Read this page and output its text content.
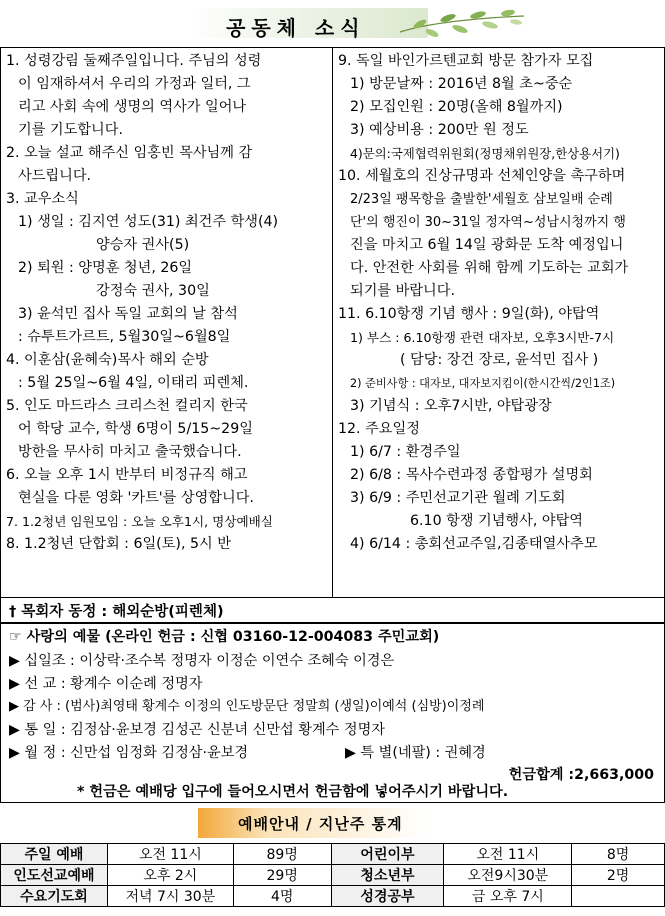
공동체 소식
1. 성령강림 둘째주일입니다. 주님의 성령
이 임재하셔서 우리의 가정과 일터, 그
리고 사회 속에 생명의 역사가 일어나
기를 기도합니다.
2. 오늘 설교 해주신 임홍빈 목사님께 감
사드립니다.
3. 교우소식
1) 생일 : 김지연 성도(31) 최건주 학생(4)
양승자 권사(5)
2) 퇴원 : 양명훈 청년, 26일
강정숙 권사, 30일
3) 윤석민 집사 독일 교회의 날 참석
: 슈투트가르트, 5월30일~6월8일
4. 이훈삼(윤혜숙)목사 해외 순방
: 5월 25일~6월 4일, 이태리 피렌체.
5. 인도 마드라스 크리스천 컬리지 한국
어 학당 교수, 학생 6명이 5/15~29일
방한을 무사히 마치고 출국했습니다.
6. 오늘 오후 1시 반부터 비정규직 해고
현실을 다룬 영화 '카트'를 상영합니다.
7. 1.2청년 임원모임 : 오늘 오후1시, 명상예배실
8. 1.2청년 단합회 : 6일(토), 5시 반
9. 독일 바인가르텐교회 방문 참가자 모집
1) 방문날짜 : 2016년 8월 초~중순
2) 모집인원 : 20명(올해 8월까지)
3) 예상비용 : 200만 원 정도
4)문의:국제협력위원회(정명채위원장,한상용서기)
10. 세월호의 진상규명과 선체인양을 촉구하며
2/23일 팽목항을 출발한'세월호 삼보일배 순례
단'의 행진이 30~31일 정자역~성남시청까지 행
진을 마치고 6월 14일 광화문 도착 예정입니
다. 안전한 사회를 위해 함께 기도하는 교회가
되기를 바랍니다.
11. 6.10항쟁 기념 행사 : 9일(화), 야탑역
1) 부스 : 6.10항쟁 관련 대자보, 오후3시반-7시
( 담당: 장건 장로, 윤석민 집사 )
2) 준비사항 : 대자보, 대자보지킴이(한시간씩/2인1조)
3) 기념식 : 오후7시반, 야탑광장
12. 주요일정
1) 6/7 : 환경주일
2) 6/8 : 목사수련과정 종합평가 설명회
3) 6/9 : 주민선교기관 월례 기도회
6.10 항쟁 기념행사, 야탑역
4) 6/14 : 총회선교주일,김종태열사추모
† 목회자 동정 : 해외순방(피렌체)
☞ 사랑의 예물 (온라인 헌금 : 신협 03160-12-004083 주민교회)
▶ 십일조 : 이상락·조수복 정명자 이정순 이연수 조혜숙 이경은
▶ 선 교 : 황계수 이순례 정명자
▶ 감 사 : (범사)최영태 황계수 이정의 인도방문단 정말희 (생일)이예석 (심방)이정례
▶ 통 일 : 김정삼·윤보경 김성곤 신분녀 신만섭 황계수 정명자
▶ 월 정 : 신만섭 임정화 김정삼·윤보경	▶ 특 별(네팔) : 권혜경
헌금합계 :2,663,000
* 헌금은 예배당 입구에 들어오시면서 헌금함에 넣어주시기 바랍니다.
예배안내 / 지난주 통계
주일 예배	오전 11시	89명	어린이부	오전 11시	8명
인도선교예배	오후 2시	29명	청소년부	오전9시30분	2명
수요기도회	저녁 7시 30분	4명	성경공부	금 오후 7시	
